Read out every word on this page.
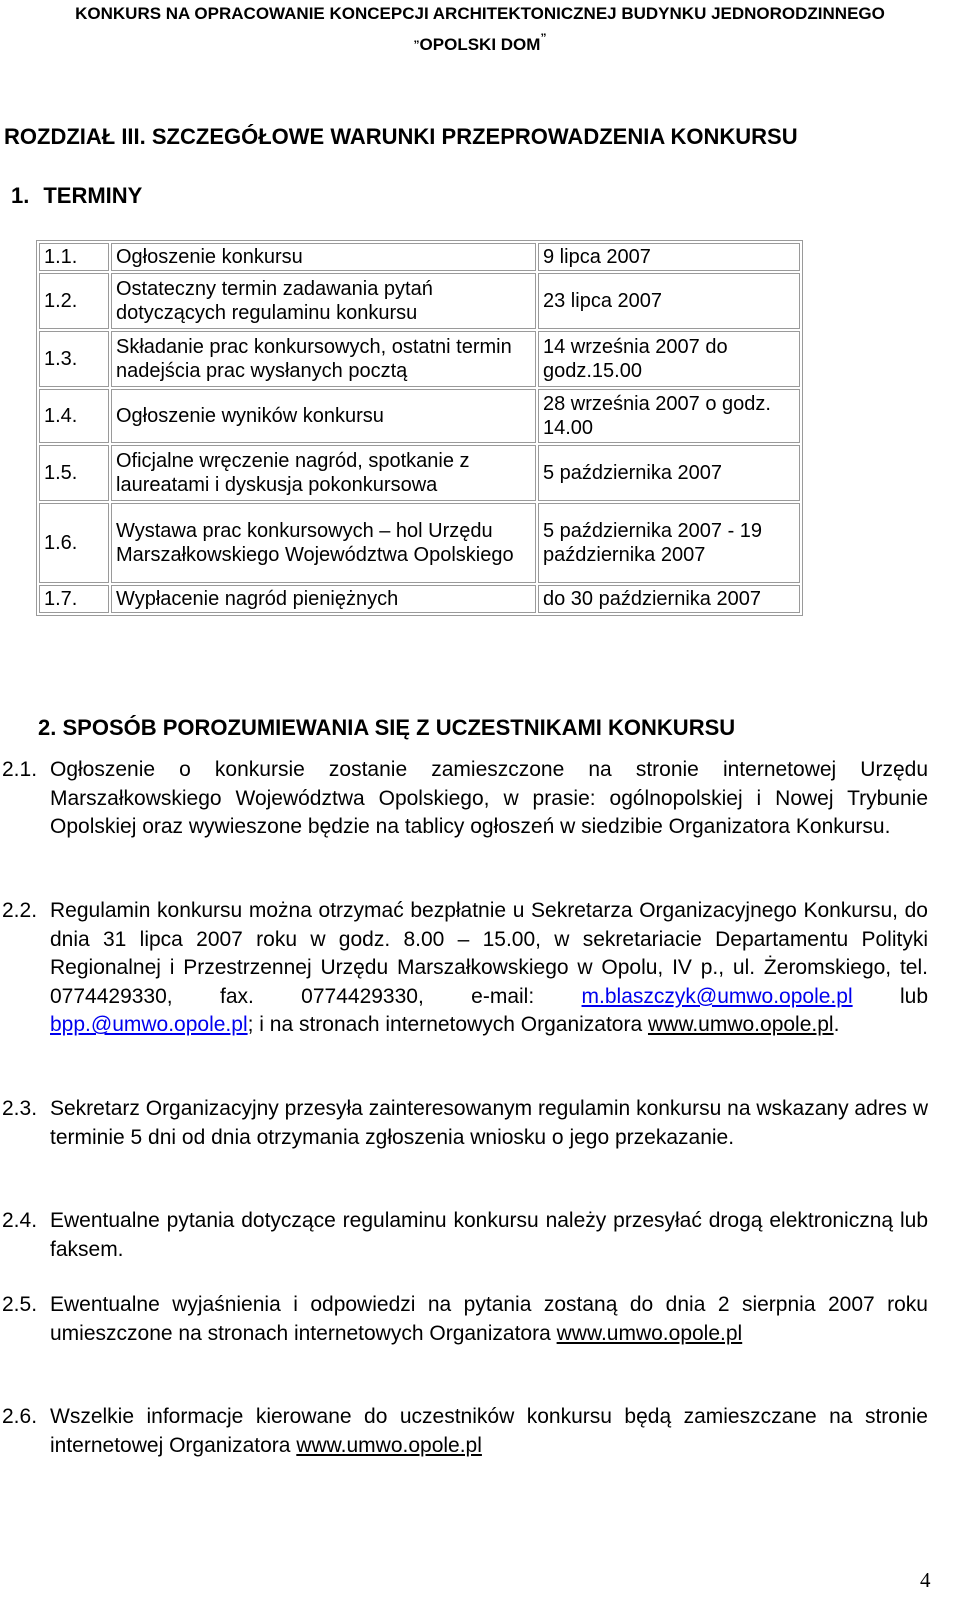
KONKURS NA OPRACOWANIE KONCEPCJI ARCHITEKTONICZNEJ BUDYNKU JEDNORODZINNEGO
„OPOLSKI DOM”
ROZDZIAŁ III. SZCZEGÓŁOWE WARUNKI PRZEPROWADZENIA KONKURSU
1. TERMINY
1.1.	Ogłoszenie konkursu	9 lipca 2007
1.2.	Ostateczny termin zadawania pytań dotyczących regulaminu konkursu	23 lipca 2007
1.3.	Składanie prac konkursowych, ostatni termin nadejścia prac wysłanych pocztą	14 września 2007 do godz.15.00
1.4.	Ogłoszenie wyników konkursu	28 września 2007 o godz. 14.00
1.5.	Oficjalne wręczenie nagród, spotkanie z laureatami i dyskusja pokonkursowa	5 października 2007
1.6.	Wystawa prac konkursowych – hol Urzędu Marszałkowskiego Województwa Opolskiego	5 października 2007 - 19 października 2007
1.7.	Wypłacenie nagród pieniężnych	do 30 października 2007
2. SPOSÓB POROZUMIEWANIA SIĘ Z UCZESTNIKAMI KONKURSU
2.1. Ogłoszenie o konkursie zostanie zamieszczone na stronie internetowej Urzędu Marszałkowskiego Województwa Opolskiego, w prasie: ogólnopolskiej i Nowej Trybunie Opolskiej oraz wywieszone będzie na tablicy ogłoszeń w siedzibie Organizatora Konkursu.
2.2. Regulamin konkursu można otrzymać bezpłatnie u Sekretarza Organizacyjnego Konkursu, do dnia 31 lipca 2007 roku w godz. 8.00 – 15.00, w sekretariacie Departamentu Polityki Regionalnej i Przestrzennej Urzędu Marszałkowskiego w Opolu, IV p., ul. Żeromskiego, tel. 0774429330, fax. 0774429330, e-mail: m.blaszczyk@umwo.opole.pl lub bpp.@umwo.opole.pl; i na stronach internetowych Organizatora www.umwo.opole.pl.
2.3. Sekretarz Organizacyjny przesyła zainteresowanym regulamin konkursu na wskazany adres w terminie 5 dni od dnia otrzymania zgłoszenia wniosku o jego przekazanie.
2.4. Ewentualne pytania dotyczące regulaminu konkursu należy przesyłać drogą elektroniczną lub faksem.
2.5. Ewentualne wyjaśnienia i odpowiedzi na pytania zostaną do dnia 2 sierpnia 2007 roku umieszczone na stronach internetowych Organizatora www.umwo.opole.pl
2.6. Wszelkie informacje kierowane do uczestników konkursu będą zamieszczane na stronie internetowej Organizatora www.umwo.opole.pl
4
